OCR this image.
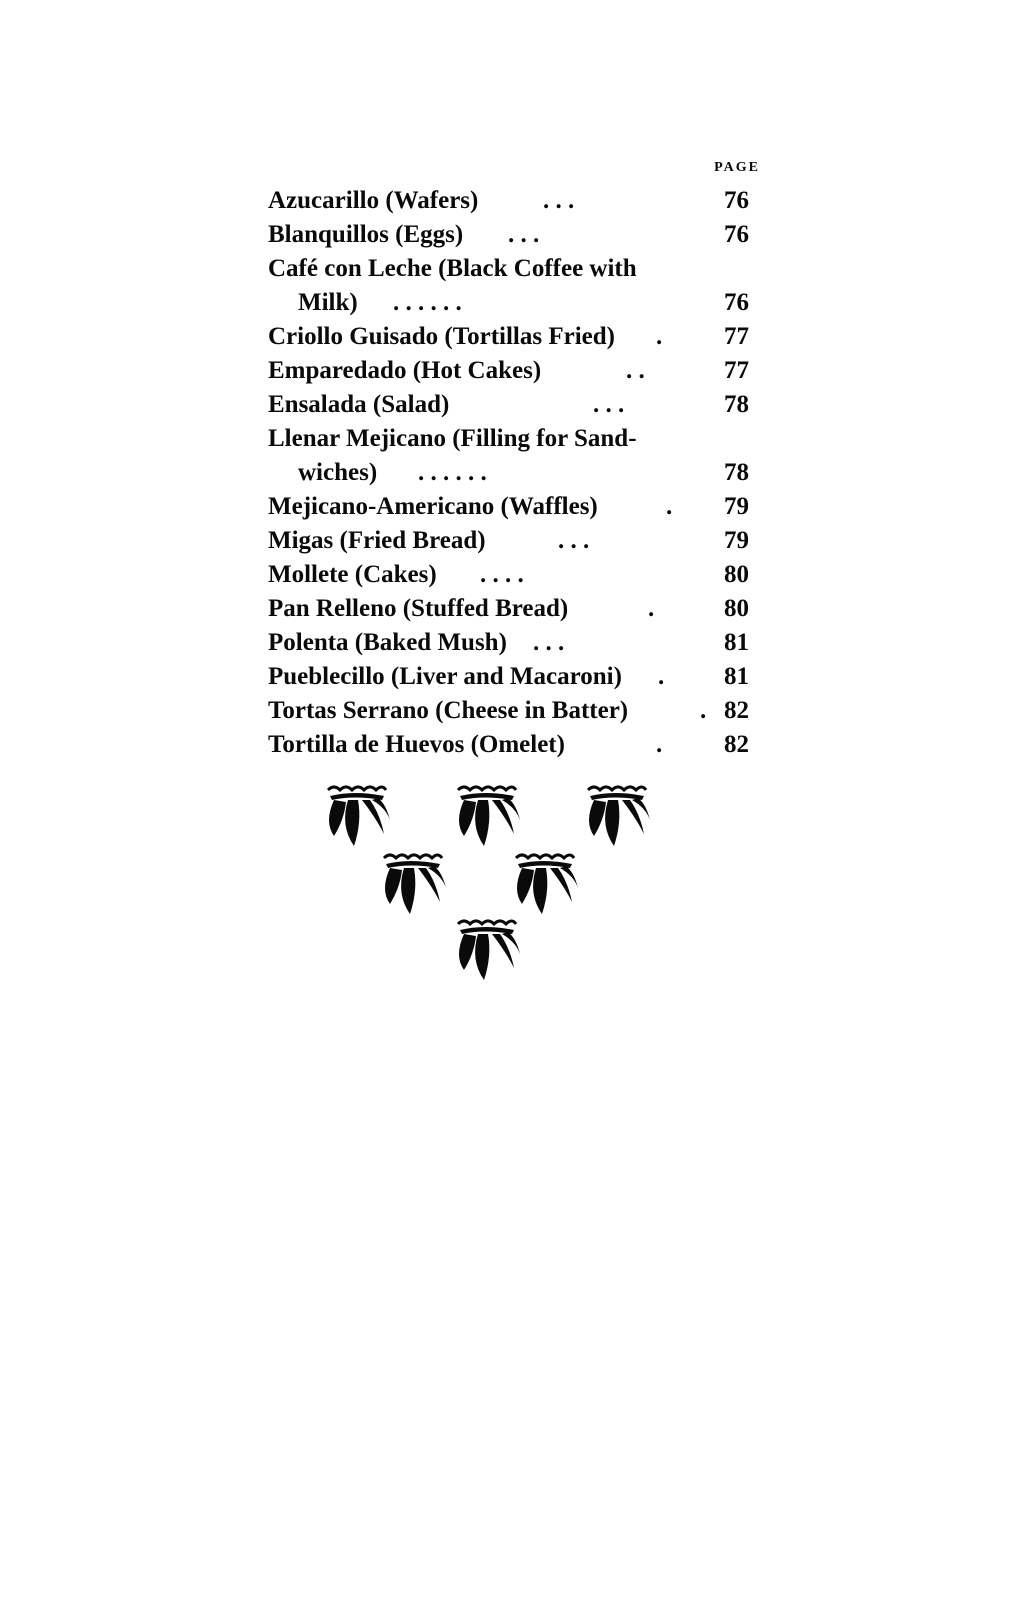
PAGE
Azucarillo (Wafers)	. . .	76
Blanquillos (Eggs) . . .	76
Café con Leche (Black Coffee with
Milk) . . . . . .	76
Criollo Guisado (Tortillas Fried) . 77
Emparedado (Hot Cakes)	. .	77
Ensalada (Salad)	. . .	78
Llenar Mejicano (Filling for Sand-
wiches) . . . . . .	78
Mejicano-Americano (Waffles)	. 79
Migas (Fried Bread)	. . .	79
Mollete (Cakes) . . . .	80
Pan Relleno (Stuffed Bread)	.	80
Polenta (Baked Mush) . . .	81
Pueblecillo (Liver and Macaroni) . 81
Tortas Serrano (Cheese in Batter)	. 82
Tortilla de Huevos (Omelet)	. 82
